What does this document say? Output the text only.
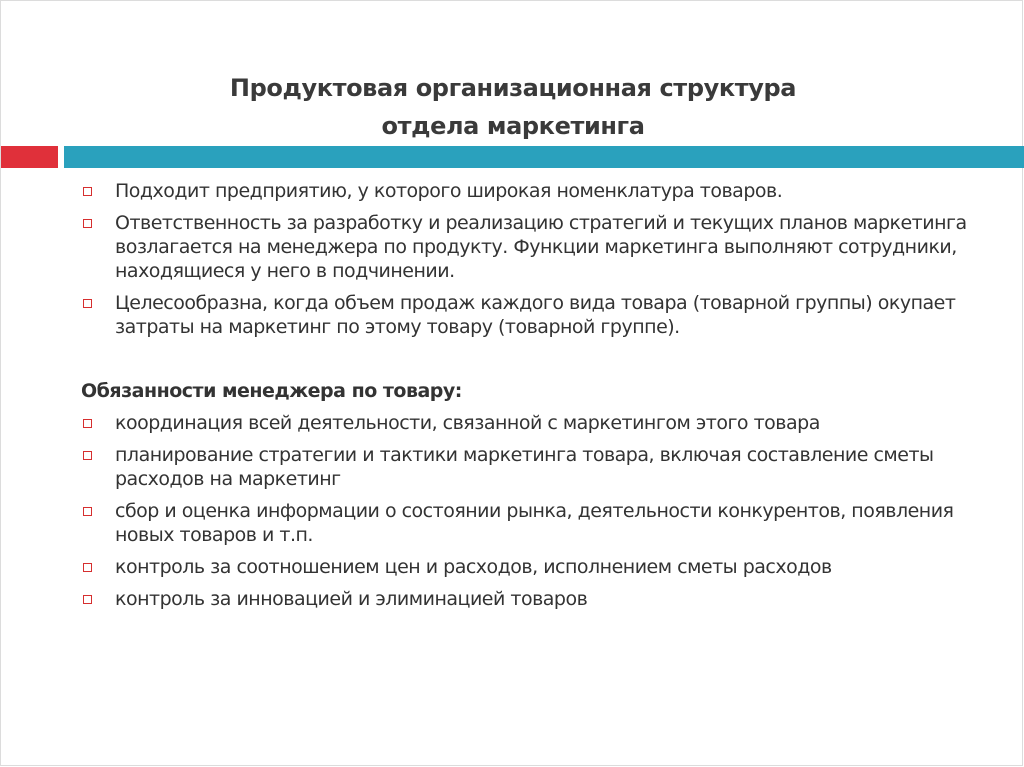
Продуктовая организационная структура
отдела маркетинга
Подходит предприятию, у которого широкая номенклатура товаров.
Ответственность за разработку и реализацию стратегий и текущих планов маркетинга возлагается на менеджера по продукту. Функции маркетинга выполняют сотрудники, находящиеся у него в подчинении.
Целесообразна, когда объем продаж каждого вида товара (товарной группы) окупает затраты на маркетинг по этому товару (товарной группе).
Обязанности менеджера по товару:
координация всей деятельности, связанной с маркетингом этого товара
планирование стратегии и тактики маркетинга товара, включая составление сметы расходов на маркетинг
сбор и оценка информации о состоянии рынка, деятельности конкурентов, появления новых товаров и т.п.
контроль за соотношением цен и расходов, исполнением сметы расходов
контроль за инновацией и элиминацией товаров
